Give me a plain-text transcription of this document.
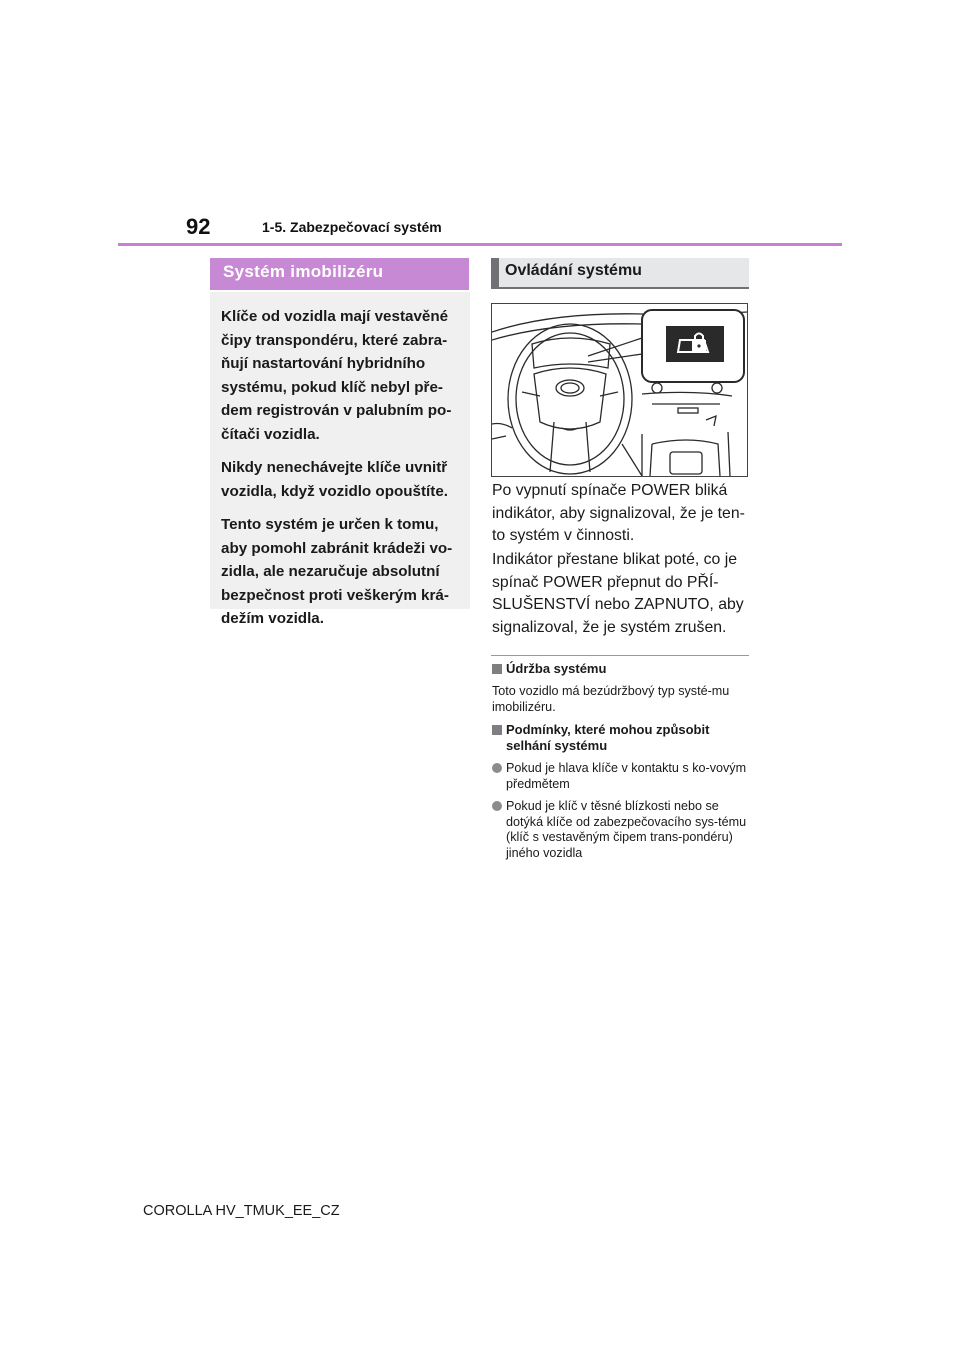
92	1-5. Zabezpečovací systém
Systém imobilizéru

Klíče od vozidla mají vestavěné čipy transpondéru, které zabra-ňují nastartování hybridního systému, pokud klíč nebyl pře-dem registrován v palubním po-čítači vozidla.

Nikdy nenechávejte klíče uvnitř vozidla, když vozidlo opouštíte.

Tento systém je určen k tomu, aby pomohl zabránit krádeži vo-zidla, ale nezaručuje absolutní bezpečnost proti veškerým krá-dežím vozidla.

Ovládání systému

Po vypnutí spínače POWER bliká indikátor, aby signalizoval, že je ten-to systém v činnosti.

Indikátor přestane blikat poté, co je spínač POWER přepnut do PŘÍ-SLUŠENSTVÍ nebo ZAPNUTO, aby signalizoval, že je systém zrušen.

Údržba systému
Toto vozidlo má bezúdržbový typ systé-mu imobilizéru.
Podmínky, které mohou způsobit selhání systému
Pokud je hlava klíče v kontaktu s ko-vovým předmětem
Pokud je klíč v těsné blízkosti nebo se dotýká klíče od zabezpečovacího sys-tému (klíč s vestavěným čipem trans-pondéru) jiného vozidla
COROLLA HV_TMUK_EE_CZ
